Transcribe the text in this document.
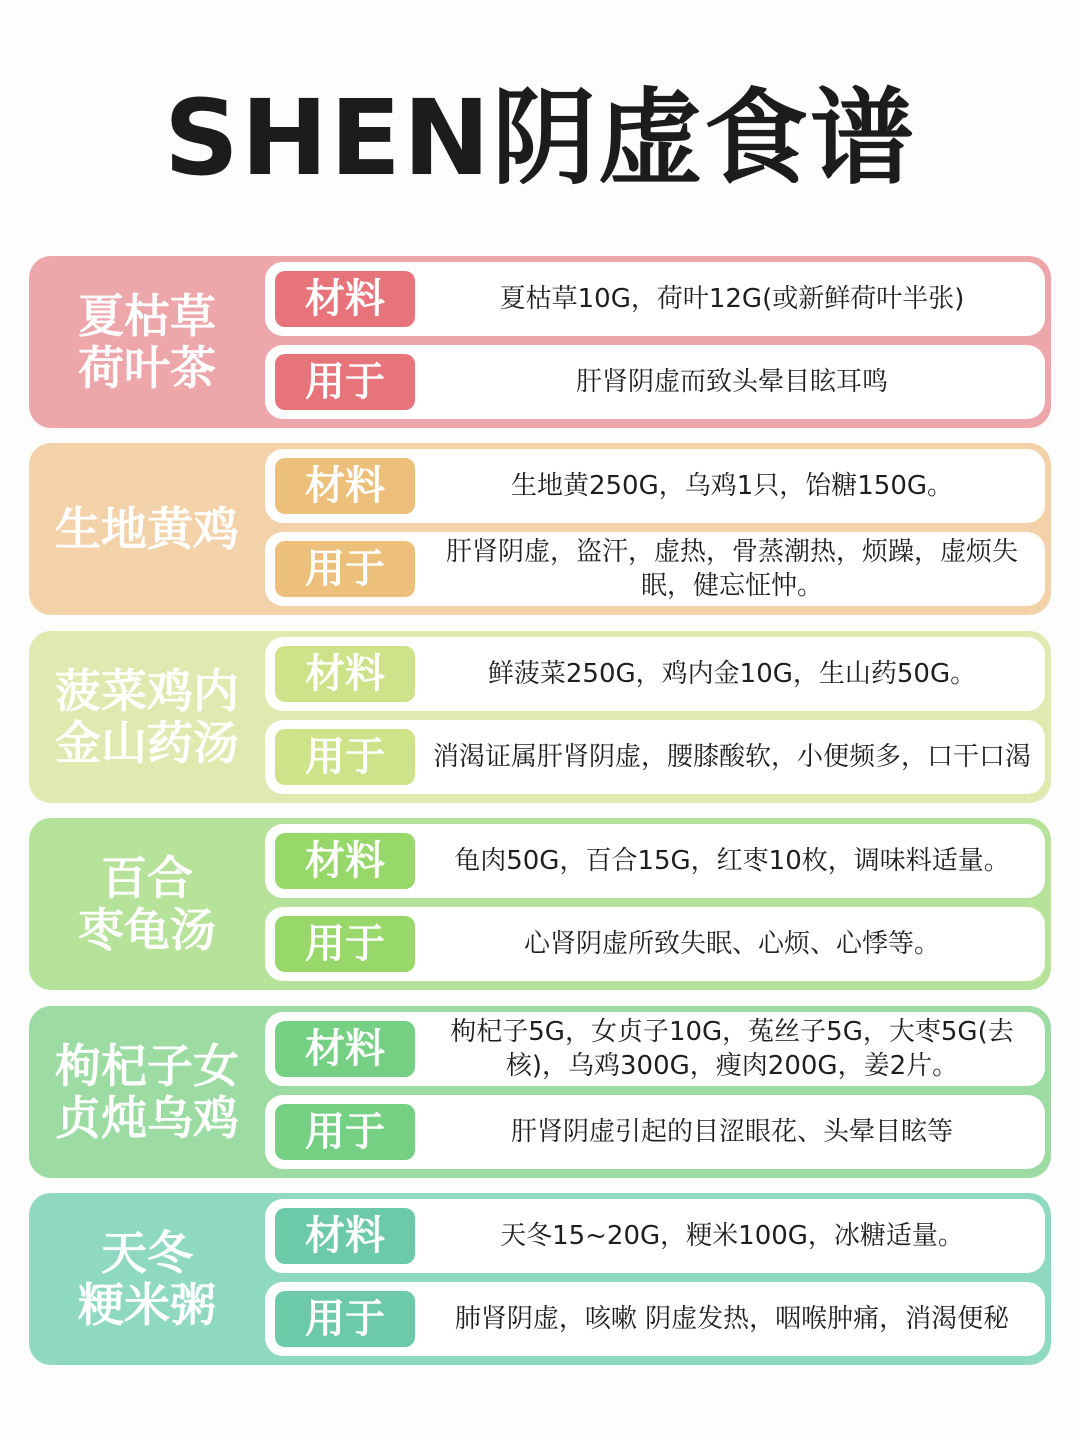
SHEN阴虚食谱
夏枯草
荷叶茶
材料	夏枯草10G，荷叶12G(或新鲜荷叶半张)
用于	肝肾阴虚而致头晕目眩耳鸣
生地黄鸡
材料	生地黄250G，乌鸡1只，饴糖150G。
用于	肝肾阴虚，盗汗，虚热，骨蒸潮热，烦躁，虚烦失眠，健忘怔忡。
菠菜鸡内
金山药汤
材料	鲜菠菜250G，鸡内金10G，生山药50G。
用于	消渴证属肝肾阴虚，腰膝酸软，小便频多，口干口渴
百合
枣龟汤
材料	龟肉50G，百合15G，红枣10枚，调味料适量。
用于	心肾阴虚所致失眠、心烦、心悸等。
枸杞子女
贞炖乌鸡
材料	枸杞子5G，女贞子10G，菟丝子5G，大枣5G(去核)，乌鸡300G，瘦肉200G，姜2片。
用于	肝肾阴虚引起的目涩眼花、头晕目眩等
天冬
粳米粥
材料	天冬15~20G，粳米100G，冰糖适量。
用于	肺肾阴虚，咳嗽 阴虚发热，咽喉肿痛，消渴便秘
